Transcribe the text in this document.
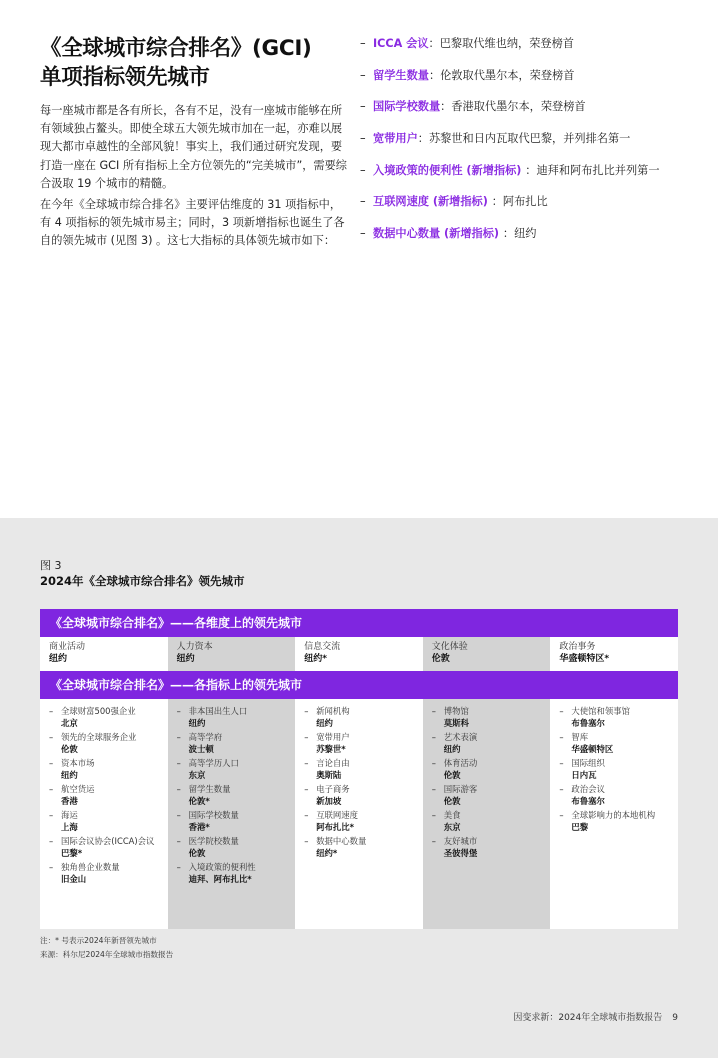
《全球城市综合排名》(GCI)
单项指标领先城市

每一座城市都是各有所长，各有不足，没有一座城市能够在所有领域独占鳌头。即使全球五大领先城市加在一起，亦难以展现大都市卓越性的全部风貌！事实上，我们通过研究发现，要打造一座在 GCI 所有指标上全方位领先的“完美城市”，需要综合汲取 19 个城市的精髓。

在今年《全球城市综合排名》主要评估维度的 31 项指标中，有 4 项指标的领先城市易主；同时，3 项新增指标也诞生了各自的领先城市 (见图 3) 。这七大指标的具体领先城市如下：

– ICCA 会议：巴黎取代维也纳，荣登榜首
– 留学生数量：伦敦取代墨尔本，荣登榜首
– 国际学校数量：香港取代墨尔本，荣登榜首
– 宽带用户：苏黎世和日内瓦取代巴黎，并列排名第一
– 入境政策的便利性 (新增指标) ：迪拜和阿布扎比并列第一
– 互联网速度 (新增指标) ：阿布扎比
– 数据中心数量 (新增指标) ：纽约
图 3
2024年《全球城市综合排名》领先城市
《全球城市综合排名》——各维度上的领先城市
商业活动
纽约
人力资本
纽约
信息交流
纽约*
文化体验
伦敦
政治事务
华盛顿特区*
《全球城市综合排名》——各指标上的领先城市
– 全球财富500强企业
北京
– 领先的全球服务企业
伦敦
– 资本市场
纽约
– 航空货运
香港
– 海运
上海
– 国际会议协会(ICCA)会议
巴黎*
– 独角兽企业数量
旧金山
– 非本国出生人口
纽约
– 高等学府
波士顿
– 高等学历人口
东京
– 留学生数量
伦敦*
– 国际学校数量
香港*
– 医学院校数量
伦敦
– 入境政策的便利性
迪拜、阿布扎比*
– 新闻机构
纽约
– 宽带用户
苏黎世*
– 言论自由
奥斯陆
– 电子商务
新加坡
– 互联网速度
阿布扎比*
– 数据中心数量
纽约*
– 博物馆
莫斯科
– 艺术表演
纽约
– 体育活动
伦敦
– 国际游客
伦敦
– 美食
东京
– 友好城市
圣彼得堡
– 大使馆和领事馆
布鲁塞尔
– 智库
华盛顿特区
– 国际组织
日内瓦
– 政治会议
布鲁塞尔
– 全球影响力的本地机构
巴黎
注：* 号表示2024年新晋领先城市
来源：科尔尼2024年全球城市指数报告
因变求新：2024年全球城市指数报告 9
